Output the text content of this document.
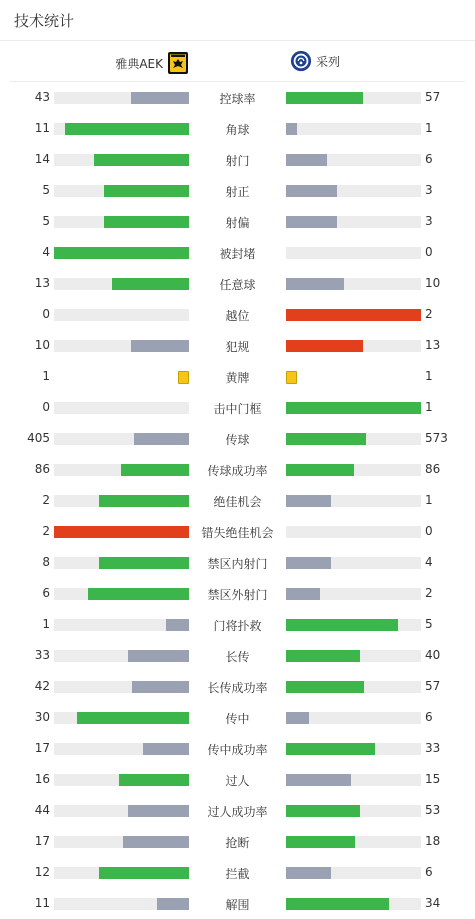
技术统计
雅典AEK	采列
43	控球率	57
11	角球	1
14	射门	6
5	射正	3
5	射偏	3
4	被封堵	0
13	任意球	10
0	越位	2
10	犯规	13
1	黄牌	1
0	击中门框	1
405	传球	573
86	传球成功率	86
2	绝佳机会	1
2	错失绝佳机会	0
8	禁区内射门	4
6	禁区外射门	2
1	门将扑救	5
33	长传	40
42	长传成功率	57
30	传中	6
17	传中成功率	33
16	过人	15
44	过人成功率	53
17	抢断	18
12	拦截	6
11	解围	34
